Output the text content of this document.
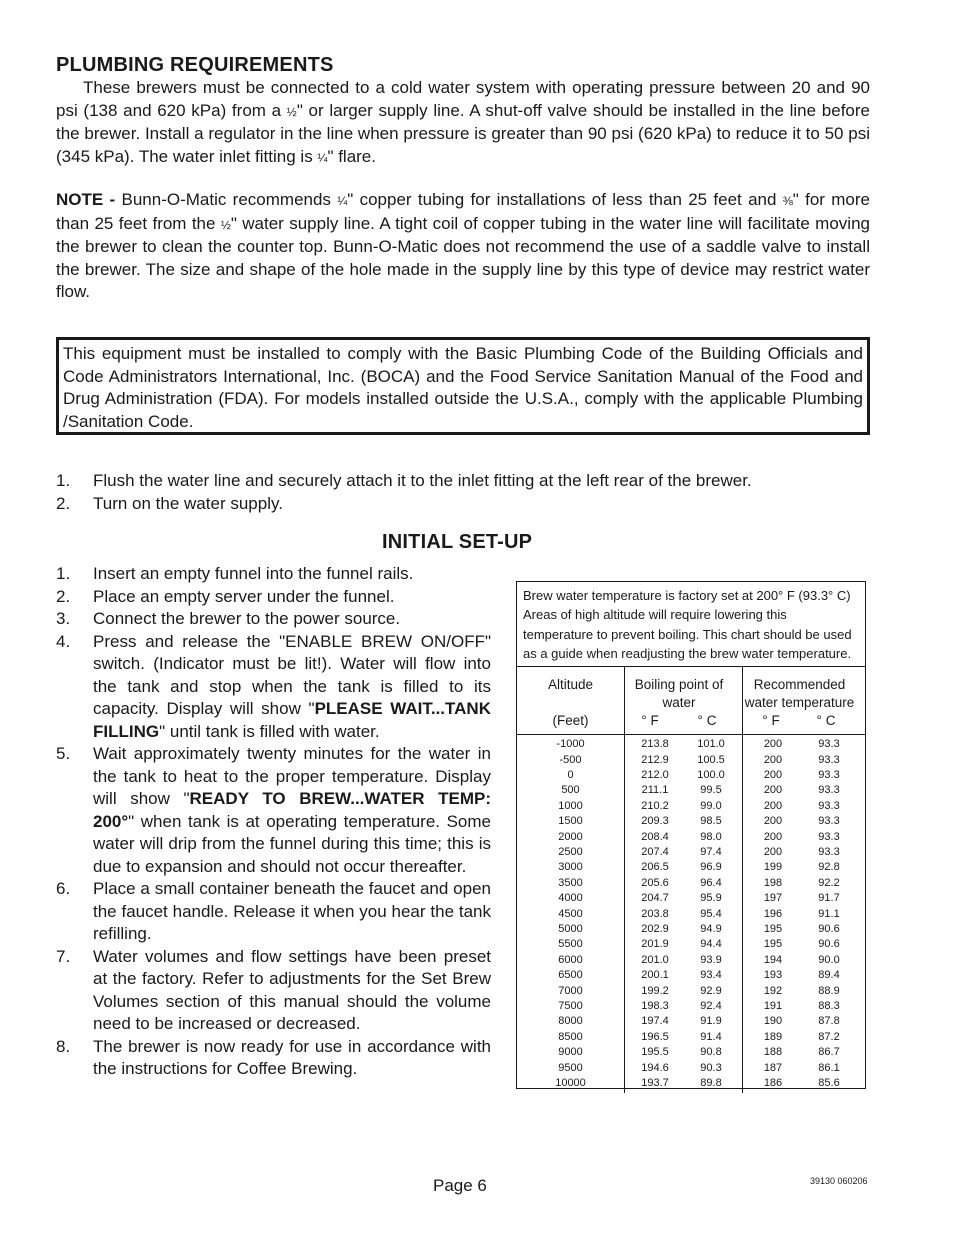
PLUMBING REQUIREMENTS
These brewers must be connected to a cold water system with operating pressure between 20 and 90 psi (138 and 620 kPa) from a ½" or larger supply line. A shut-off valve should be installed in the line before the brewer. Install a regulator in the line when pressure is greater than 90 psi (620 kPa) to reduce it to 50 psi (345 kPa). The water inlet fitting is ¼" flare.
NOTE - Bunn-O-Matic recommends ¼" copper tubing for installations of less than 25 feet and ⅜" for more than 25 feet from the ½" water supply line. A tight coil of copper tubing in the water line will facilitate moving the brewer to clean the counter top. Bunn-O-Matic does not recommend the use of a saddle valve to install the brewer. The size and shape of the hole made in the supply line by this type of device may restrict water flow.
This equipment must be installed to comply with the Basic Plumbing Code of the Building Officials and Code Administrators International, Inc. (BOCA) and the Food Service Sanitation Manual of the Food and Drug Administration (FDA). For models installed outside the U.S.A., comply with the applicable Plumbing /Sanitation Code.
1.	Flush the water line and securely attach it to the inlet fitting at the left rear of the brewer.
2.	Turn on the water supply.
INITIAL SET-UP
1.	Insert an empty funnel into the funnel rails.
2.	Place an empty server under the funnel.
3.	Connect the brewer to the power source.
4.	Press and release the "ENABLE BREW ON/OFF" switch. (Indicator must be lit!). Water will flow into the tank and stop when the tank is filled to its capacity. Display will show "PLEASE WAIT...TANK FILLING" until tank is filled with water.
5.	Wait approximately twenty minutes for the water in the tank to heat to the proper temperature. Display will show "READY TO BREW...WATER TEMP: 200°" when tank is at operating temperature. Some water will drip from the funnel during this time; this is due to expansion and should not occur thereafter.
6.	Place a small container beneath the faucet and open the faucet handle. Release it when you hear the tank refilling.
7.	Water volumes and flow settings have been preset at the factory. Refer to adjustments for the Set Brew Volumes section of this manual should the volume need to be increased or decreased.
8.	The brewer is now ready for use in accordance with the instructions for Coffee Brewing.
Brew water temperature is factory set at 200° F (93.3° C) Areas of high altitude will require lowering this temperature to prevent boiling. This chart should be used as a guide when readjusting the brew water temperature.
Altitude
(Feet)
Boiling point of water
° F	° C
Recommended water temperature
° F	° C
-1000	213.8	101.0	200	93.3
-500	212.9	100.5	200	93.3
0	212.0	100.0	200	93.3
500	211.1	99.5	200	93.3
1000	210.2	99.0	200	93.3
1500	209.3	98.5	200	93.3
2000	208.4	98.0	200	93.3
2500	207.4	97.4	200	93.3
3000	206.5	96.9	199	92.8
3500	205.6	96.4	198	92.2
4000	204.7	95.9	197	91.7
4500	203.8	95.4	196	91.1
5000	202.9	94.9	195	90.6
5500	201.9	94.4	195	90.6
6000	201.0	93.9	194	90.0
6500	200.1	93.4	193	89.4
7000	199.2	92.9	192	88.9
7500	198.3	92.4	191	88.3
8000	197.4	91.9	190	87.8
8500	196.5	91.4	189	87.2
9000	195.5	90.8	188	86.7
9500	194.6	90.3	187	86.1
10000	193.7	89.8	186	85.6
Page 6	39130 060206
